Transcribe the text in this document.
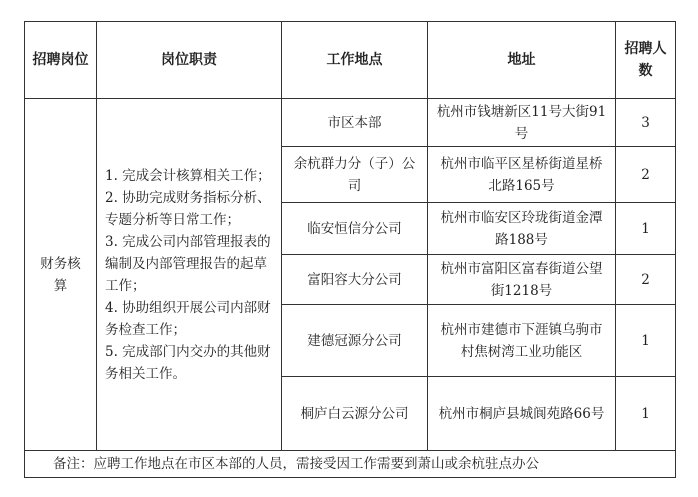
招聘岗位	岗位职责	工作地点	地址	招聘人数
财务核算	1. 完成会计核算相关工作；
2. 协助完成财务指标分析、专题分析等日常工作；
3. 完成公司内部管理报表的编制及内部管理报告的起草工作；
4. 协助组织开展公司内部财务检查工作；
5. 完成部门内交办的其他财务相关工作。	市区本部	杭州市钱塘新区11号大街91号	3
		余杭群力分（子）公司	杭州市临平区星桥街道星桥北路165号	2
		临安恒信分公司	杭州市临安区玲珑街道金潭路188号	1
		富阳容大分公司	杭州市富阳区富春街道公望街1218号	2
		建德冠源分公司	杭州市建德市下涯镇乌驹市村焦树湾工业功能区	1
		桐庐白云源分公司	杭州市桐庐县城阆苑路66号	1
备注：应聘工作地点在市区本部的人员，需接受因工作需要到萧山或余杭驻点办公				
